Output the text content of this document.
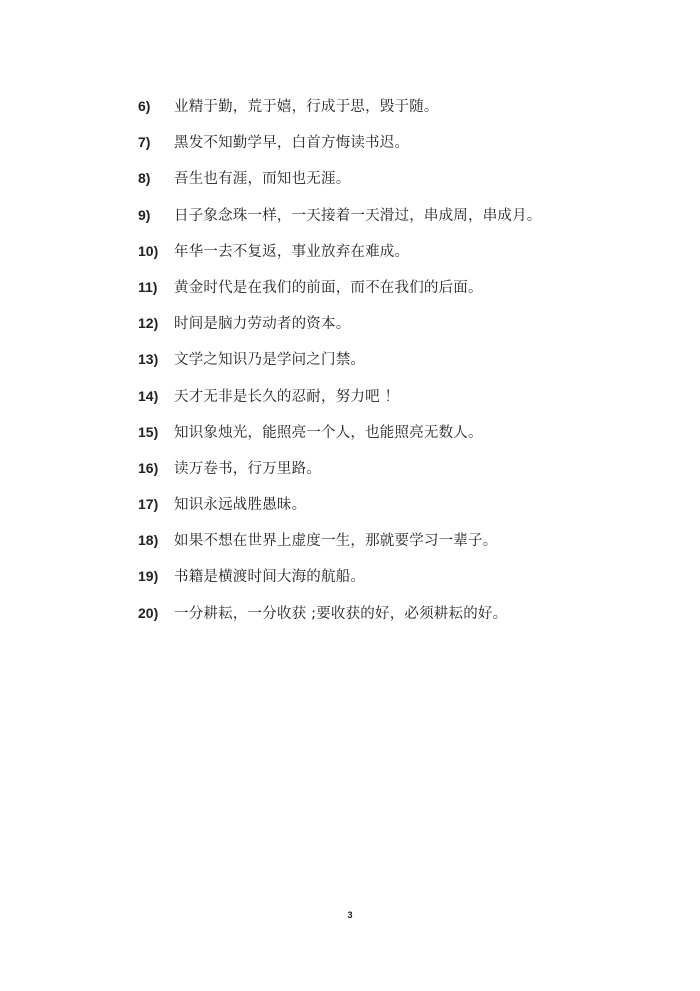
6)	业精于勤，荒于嬉，行成于思，毁于随。
7)	黑发不知勤学早，白首方悔读书迟。
8)	吾生也有涯，而知也无涯。
9)	日子象念珠一样，一天接着一天滑过，串成周，串成月。
10)	年华一去不复返，事业放弃在难成。
11)	黄金时代是在我们的前面，而不在我们的后面。
12)	时间是脑力劳动者的资本。
13)	文学之知识乃是学问之门禁。
14)	天才无非是长久的忍耐，努力吧 ！
15)	知识象烛光，能照亮一个人，也能照亮无数人。
16)	读万卷书，行万里路。
17)	知识永远战胜愚昧。
18)	如果不想在世界上虚度一生，那就要学习一辈子。
19)	书籍是横渡时间大海的航船。
20)	一分耕耘，一分收获 ;要收获的好，必须耕耘的好。
3
